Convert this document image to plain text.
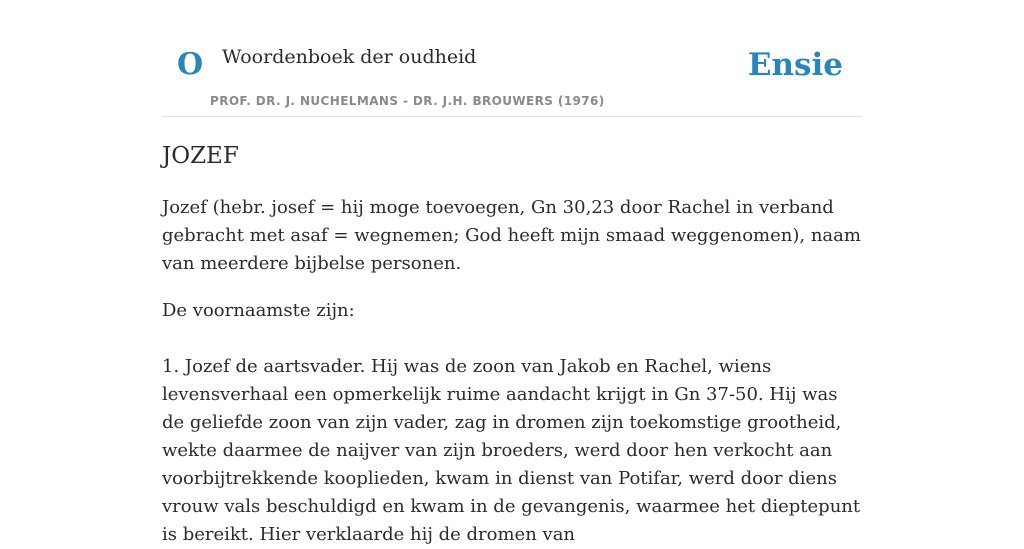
O Woordenboek der oudheid
PROF. DR. J. NUCHELMANS - DR. J.H. BROUWERS (1976)
Ensie
JOZEF

Jozef (hebr. josef = hij moge toevoegen, Gn 30,23 door Rachel in verband gebracht met asaf = wegnemen; God heeft mijn smaad weggenomen), naam van meerdere bijbelse personen.

De voornaamste zijn:

1. Jozef de aartsvader. Hij was de zoon van Jakob en Rachel, wiens levensverhaal een opmerkelijk ruime aandacht krijgt in Gn 37-50. Hij was de geliefde zoon van zijn vader, zag in dromen zijn toekomstige grootheid, wekte daarmee de naijver van zijn broeders, werd door hen verkocht aan voorbijtrekkende kooplieden, kwam in dienst van Potifar, werd door diens vrouw vals beschuldigd en kwam in de gevangenis, waarmee het dieptepunt is bereikt. Hier verklaarde hij de dromen van
